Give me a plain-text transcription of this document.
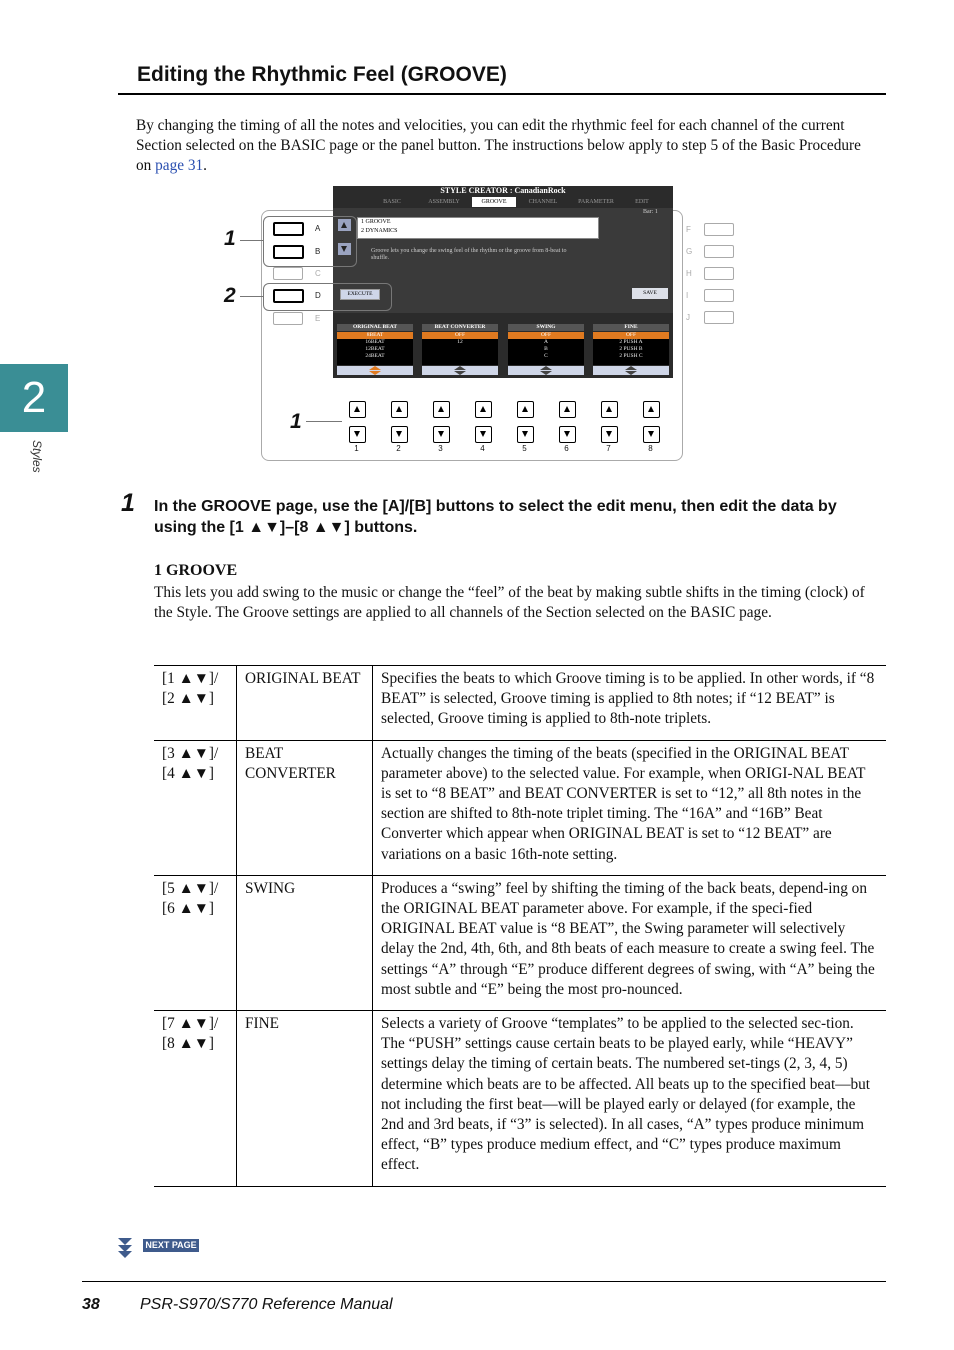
Editing the Rhythmic Feel (GROOVE)
By changing the timing of all the notes and velocities, you can edit the rhythmic feel for each channel of the current Section selected on the BASIC page or the panel button. The instructions below apply to step 5 of the Basic Procedure on page 31.
2
Styles
STYLE CREATOR : CanadianRock
BASIC	ASSEMBLY	GROOVE	CHANNEL	PARAMETER	EDIT
Bar: 1
1 GROOVE
2 DYNAMICS
Groove lets you change the swing feel of the rhythm or the groove from 8-beat to shuffle.
EXECUTE	SAVE
ORIGINAL BEAT
8BEAT
16BEAT
12BEAT
24BEAT
BEAT CONVERTER
OFF
12
SWING
OFF
A
B
C
FINE
OFF
2 PUSH A
2 PUSH B
2 PUSH C
A
B
C
D
E
F
G
H
I
J
1
2
1
1	2	3	4	5	6	7	8
1 In the GROOVE page, use the [A]/[B] buttons to select the edit menu, then edit the data by using the [1 ▲▼]–[8 ▲▼] buttons.
1 GROOVE
This lets you add swing to the music or change the “feel” of the beat by making subtle shifts in the timing (clock) of the Style. The Groove settings are applied to all channels of the Section selected on the BASIC page.
[1 ▲▼]/ [2 ▲▼]	ORIGINAL BEAT	Specifies the beats to which Groove timing is to be applied. In other words, if “8 BEAT” is selected, Groove timing is applied to 8th notes; if “12 BEAT” is selected, Groove timing is applied to 8th-note triplets.
[3 ▲▼]/ [4 ▲▼]	BEAT CONVERTER	Actually changes the timing of the beats (specified in the ORIGINAL BEAT parameter above) to the selected value. For example, when ORIGI-NAL BEAT is set to “8 BEAT” and BEAT CONVERTER is set to “12,” all 8th notes in the section are shifted to 8th-note triplet timing. The “16A” and “16B” Beat Converter which appear when ORIGINAL BEAT is set to “12 BEAT” are variations on a basic 16th-note setting.
[5 ▲▼]/ [6 ▲▼]	SWING	Produces a “swing” feel by shifting the timing of the back beats, depend-ing on the ORIGINAL BEAT parameter above. For example, if the speci-fied ORIGINAL BEAT value is “8 BEAT”, the Swing parameter will selectively delay the 2nd, 4th, 6th, and 8th beats of each measure to create a swing feel. The settings “A” through “E” produce different degrees of swing, with “A” being the most subtle and “E” being the most pro-nounced.
[7 ▲▼]/ [8 ▲▼]	FINE	Selects a variety of Groove “templates” to be applied to the selected sec-tion. The “PUSH” settings cause certain beats to be played early, while “HEAVY” settings delay the timing of certain beats. The numbered set-tings (2, 3, 4, 5) determine which beats are to be affected. All beats up to the specified beat—but not including the first beat—will be played early or delayed (for example, the 2nd and 3rd beats, if “3” is selected). In all cases, “A” types produce minimum effect, “B” types produce medium effect, and “C” types produce maximum effect.
NEXT PAGE
38	PSR-S970/S770 Reference Manual
